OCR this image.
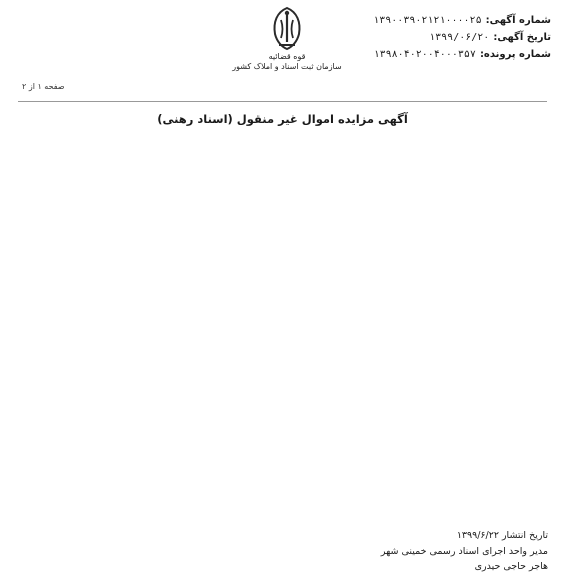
شماره آگهی:
۱۳۹۰۰۳۹۰۲۱۲۱۰۰۰۰۲۵
تاریخ آگهی:
۱۳۹۹/۰۶/۲۰
شماره پرونده:
۱۳۹۸۰۴۰۲۰۰۴۰۰۰۳۵۷
قوه قضائیه
سازمان ثبت اسناد و املاک کشور
صفحه ۱ از ۲
آگهی مزایده اموال غیر منقول (اسناد رهنی)
تاریخ انتشار ۱۳۹۹/۶/۲۲
مدیر واحد اجرای اسناد رسمی خمینی شهر
هاجر حاجی حیدری
